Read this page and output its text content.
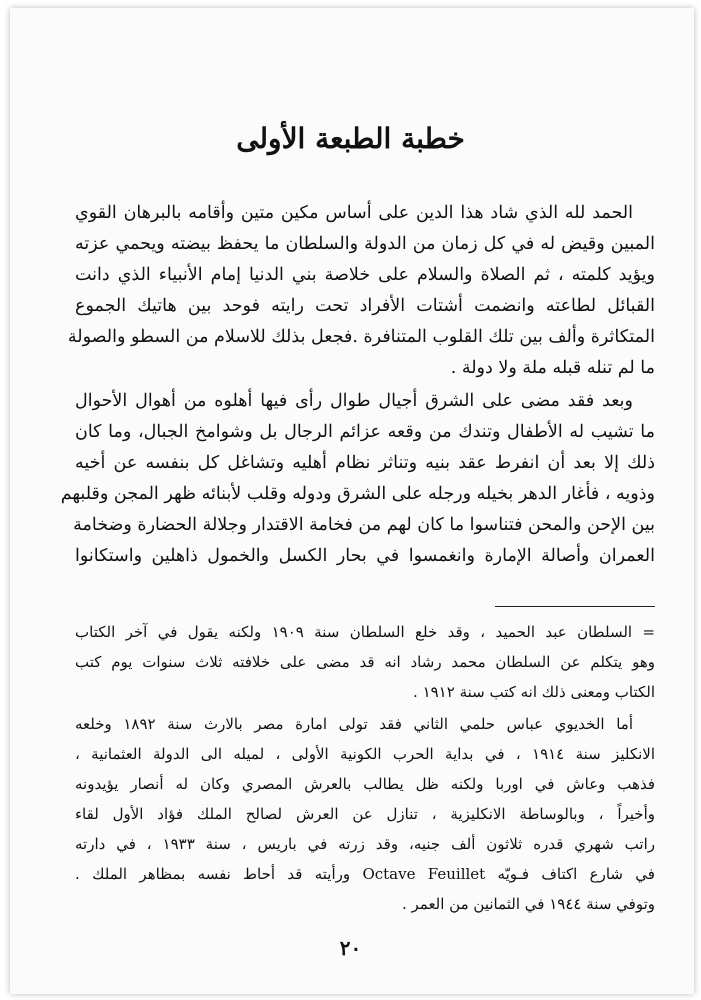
خطبة الطبعة الأولى
الحمد لله الذي شاد هذا الدين على أساس مكين متين وأقامه بالبرهان القوي
المبين وقيض له في كل زمان من الدولة والسلطان ما يحفظ بيضته ويحمي عزته
ويؤيد كلمته ، ثم الصلاة والسلام على خلاصة بني الدنيا إمام الأنبياء الذي دانت
القبائل لطاعته وانضمت أشتات الأفراد تحت رايته فوحد بين هاتيك الجموع
المتكاثرة وألف بين تلك القلوب المتنافرة .فجعل بذلك للاسلام من السطو والصولة
ما لم تنله قبله ملة ولا دولة .
وبعد فقد مضى على الشرق أجيال طوال رأى فيها أهلوه من أهوال الأحوال
ما تشيب له الأطفال وتندك من وقعه عزائم الرجال بل وشوامخ الجبال، وما كان
ذلك إلا بعد أن انفرط عقد بنيه وتناثر نظام أهليه وتشاغل كل بنفسه عن أخيه
وذويه ، فأغار الدهر بخيله ورجله على الشرق ودوله وقلب لأبنائه ظهر المجن وقلبهم
بين الإحن والمحن فتناسوا ما كان لهم من فخامة الاقتدار وجلالة الحضارة وضخامة
العمران وأصالة الإمارة وانغمسوا في بحار الكسل والخمول ذاهلين واستكانوا
= السلطان عبد الحميد ، وقد خلع السلطان سنة ١٩٠٩ ولكنه يقول في آخر الكتاب
وهو يتكلم عن السلطان محمد رشاد انه قد مضى على خلافته ثلاث سنوات يوم كتب
الكتاب ومعنى ذلك انه كتب سنة ١٩١٢ .
أما الخديوي عباس حلمي الثاني فقد تولى امارة مصر بالارث سنة ١٨٩٢ وخلعه
الانكليز سنة ١٩١٤ ، في بداية الحرب الكونية الأولى ، لميله الى الدولة العثمانية ،
فذهب وعاش في اوربا ولكنه ظل يطالب بالعرش المصري وكان له أنصار يؤيدونه
وأخيراً ، وبالوساطة الانكليزية ، تنازل عن العرش لصالح الملك فؤاد الأول لقاء
راتب شهري قدره ثلاثون ألف جنيه، وقد زرته في باريس ، سنة ١٩٣٣ ، في دارته
في شارع اكتاف فـويّه Octave Feuillet ورأيته قد أحاط نفسه بمظاهر الملك .
وتوفي سنة ١٩٤٤ في الثمانين من العمر .
٢٠
